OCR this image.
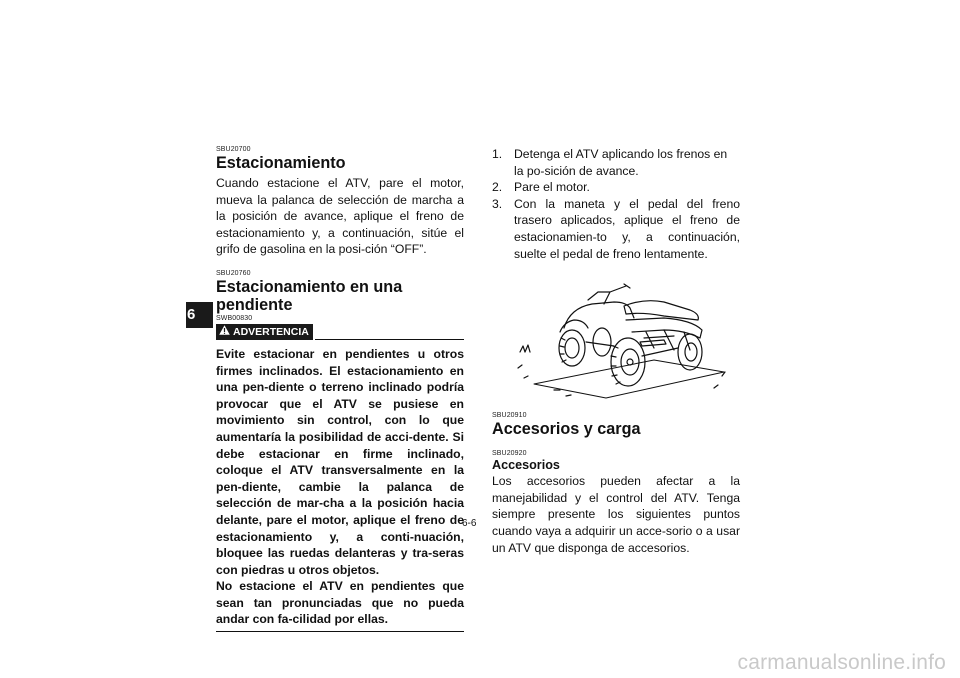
6
SBU20700
Estacionamiento
Cuando estacione el ATV, pare el motor, mueva la palanca de selección de marcha a la posición de avance, aplique el freno de estacionamiento y, a continuación, sitúe el grifo de gasolina en la posi-ción “OFF”.
SBU20760
Estacionamiento en una pendiente
SWB00830
ADVERTENCIA
Evite estacionar en pendientes u otros firmes inclinados. El estacionamiento en una pen-diente o terreno inclinado podría provocar que el ATV se pusiese en movimiento sin control, con lo que aumentaría la posibilidad de acci-dente. Si debe estacionar en firme inclinado, coloque el ATV transversalmente en la pen-diente, cambie la palanca de selección de mar-cha a la posición hacia delante, pare el motor, aplique el freno de estacionamiento y, a conti-nuación, bloquee las ruedas delanteras y tra-seras con piedras u otros objetos.
No estacione el ATV en pendientes que sean tan pronunciadas que no pueda andar con fa-cilidad por ellas.
1. Detenga el ATV aplicando los frenos en la po-sición de avance.
2. Pare el motor.
3. Con la maneta y el pedal del freno trasero aplicados, aplique el freno de estacionamien-to y, a continuación, suelte el pedal de freno lentamente.
SBU20910
Accesorios y carga
SBU20920
Accesorios
Los accesorios pueden afectar a la manejabilidad y el control del ATV. Tenga siempre presente los siguientes puntos cuando vaya a adquirir un acce-sorio o a usar un ATV que disponga de accesorios.
6-6
carmanualsonline.info
